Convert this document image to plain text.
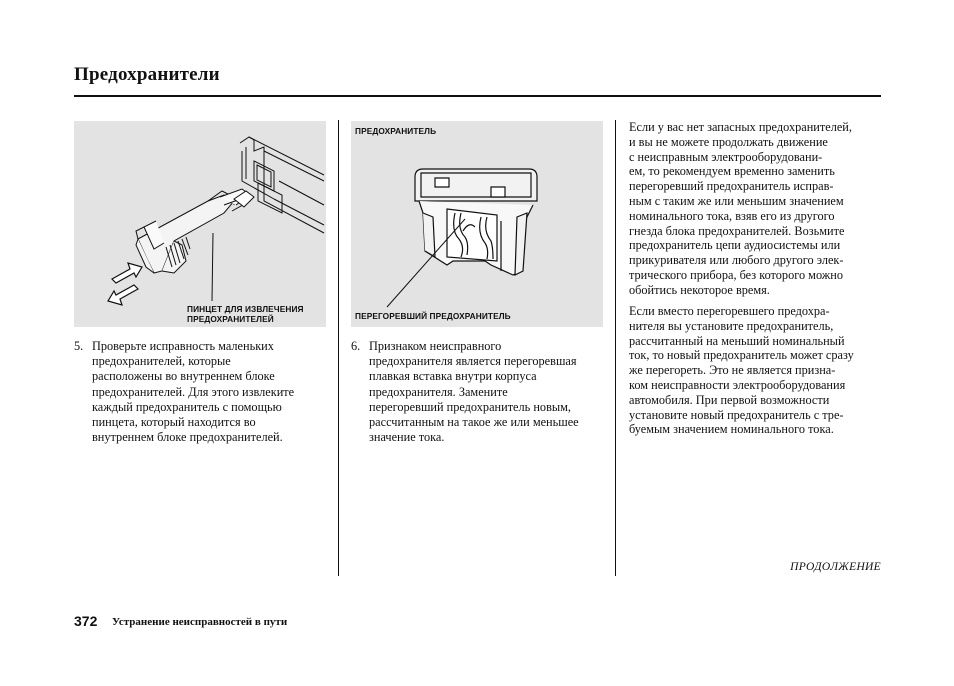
Предохранители
ПИНЦЕТ ДЛЯ ИЗВЛЕЧЕНИЯ
ПРЕДОХРАНИТЕЛЕЙ
ПРЕДОХРАНИТЕЛЬ
ПЕРЕГОРЕВШИЙ ПРЕДОХРАНИТЕЛЬ
5. Проверьте исправность маленьких
предохранителей, которые
расположены во внутреннем блоке
предохранителей. Для этого извлеките
каждый предохранитель с помощью
пинцета, который находится во
внутреннем блоке предохранителей.
6. Признаком неисправного
предохранителя является перегоревшая
плавкая вставка внутри корпуса
предохранителя. Замените
перегоревший предохранитель новым,
рассчитанным на такое же или меньшее
значение тока.
Если у вас нет запасных предохранителей,
и вы не можете продолжать движение
с неисправным электрооборудовани-
ем, то рекомендуем временно заменить
перегоревший предохранитель исправ-
ным с таким же или меньшим значением
номинального тока, взяв его из другого
гнезда блока предохранителей. Возьмите
предохранитель цепи аудиосистемы или
прикуривателя или любого другого элек-
трического прибора, без которого можно
обойтись некоторое время.
Если вместо перегоревшего предохра-
нителя вы установите предохранитель,
рассчитанный на меньший номинальный
ток, то новый предохранитель может сразу
же перегореть. Это не является призна-
ком неисправности электрооборудования
автомобиля. При первой возможности
установите новый предохранитель с тре-
буемым значением номинального тока.
ПРОДОЛЖЕНИЕ
372 Устранение неисправностей в пути
